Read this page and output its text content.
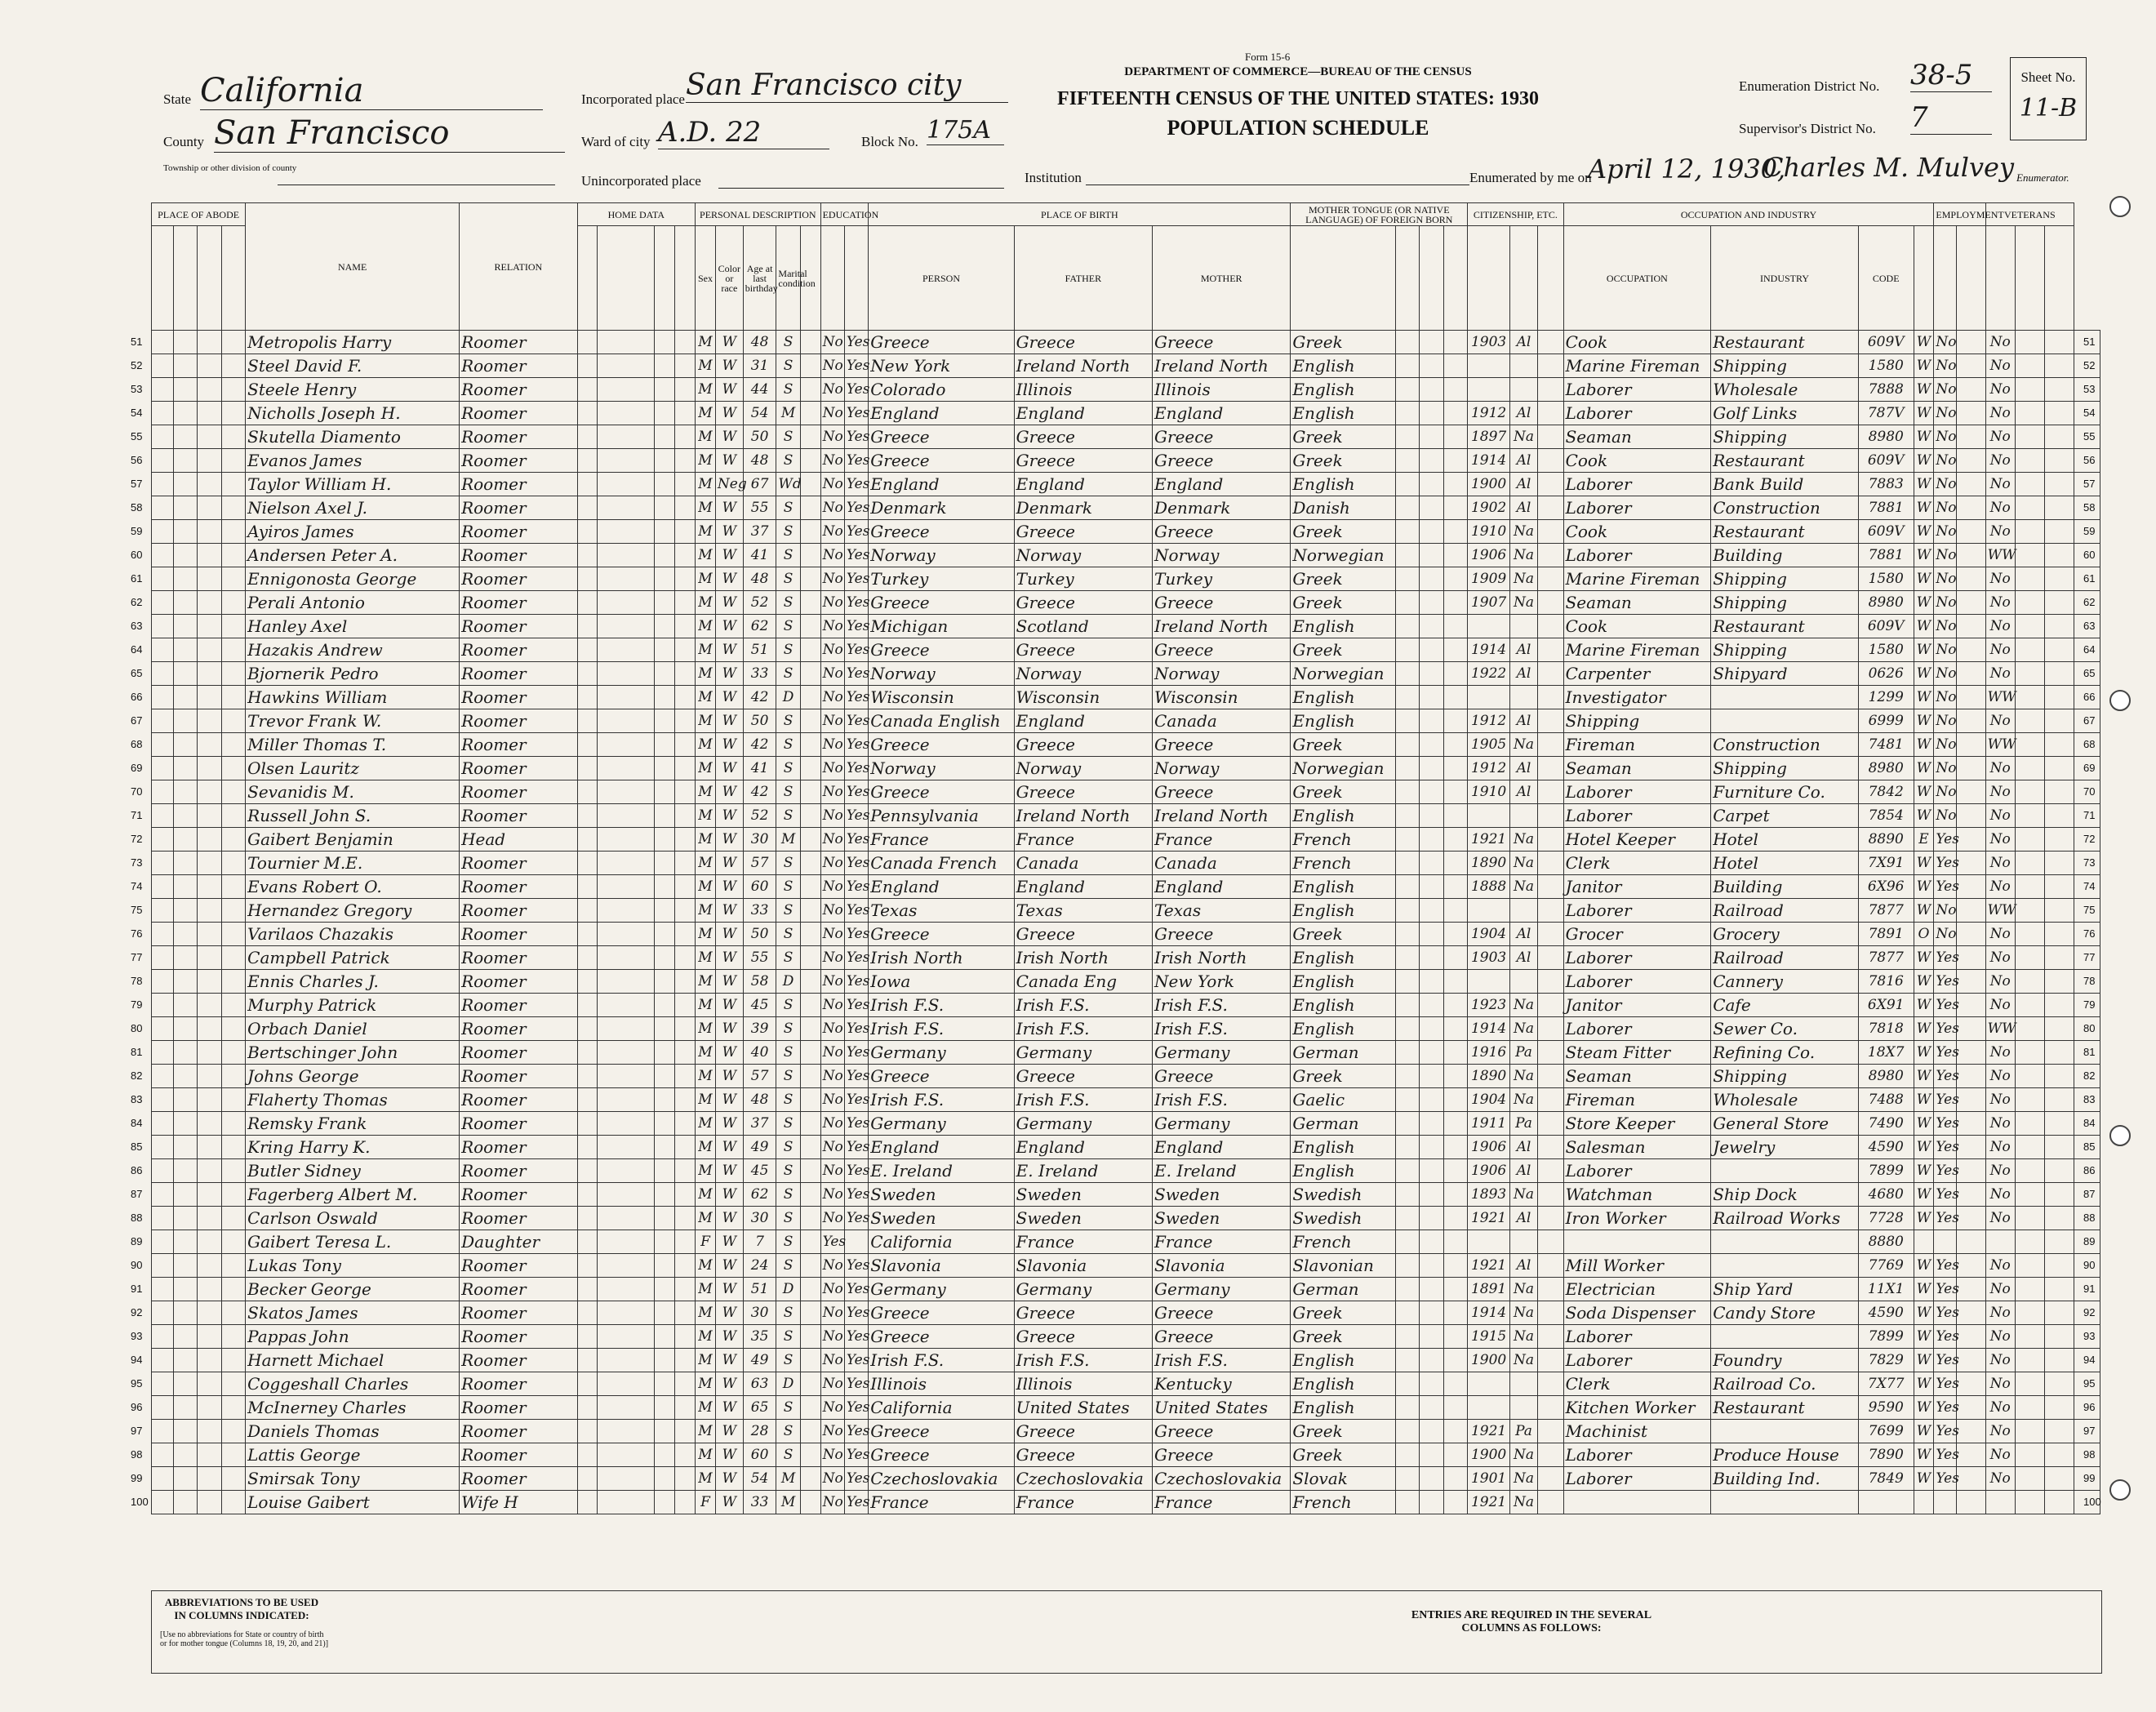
Form 15-6
DEPARTMENT OF COMMERCE—BUREAU OF THE CENSUS
FIFTEENTH CENSUS OF THE UNITED STATES: 1930
POPULATION SCHEDULE
State California
County San Francisco
Township or other division of county
Incorporated place San Francisco city
Ward of city A.D. 22	Block No. 175A
Unincorporated place	Institution
Enumeration District No. 38-5
Supervisor's District No. 7
Sheet No.
11-B
Enumerated by me on
April 12, 1930,
Charles M. Mulvey Enumerator.
PLACE OF ABODE				NAME	RELATION	HOME DATA				PERSONAL DESCRIPTION					EDUCATION		PLACE OF BIRTH			MOTHER TONGUE (OR NATIVE LANGUAGE) OF FOREIGN BORN				CITIZENSHIP, ETC.			OCCUPATION AND INDUSTRY				EMPLOYMENT		VETERANS			
										Sex	Color or race	Age at last birthday	Marital condition				PERSON	FATHER	MOTHER								OCCUPATION	INDUSTRY	CODE							
				Metropolis Harry	Roomer					M	W	48	S		No	Yes	Greece	Greece	Greece	Greek				1903	Al		Cook	Restaurant	609V	W	No		No			
				Steel David F.	Roomer					M	W	31	S		No	Yes	New York	Ireland North	Ireland North	English							Marine Fireman	Shipping	1580	W	No		No			
				Steele Henry	Roomer					M	W	44	S		No	Yes	Colorado	Illinois	Illinois	English							Laborer	Wholesale	7888	W	No		No			
				Nicholls Joseph H.	Roomer					M	W	54	M		No	Yes	England	England	England	English				1912	Al		Laborer	Golf Links	787V	W	No		No			
				Skutella Diamento	Roomer					M	W	50	S		No	Yes	Greece	Greece	Greece	Greek				1897	Na		Seaman	Shipping	8980	W	No		No			
				Evanos James	Roomer					M	W	48	S		No	Yes	Greece	Greece	Greece	Greek				1914	Al		Cook	Restaurant	609V	W	No		No			
				Taylor William H.	Roomer					M	Neg	67	Wd		No	Yes	England	England	England	English				1900	Al		Laborer	Bank Build	7883	W	No		No			
				Nielson Axel J.	Roomer					M	W	55	S		No	Yes	Denmark	Denmark	Denmark	Danish				1902	Al		Laborer	Construction	7881	W	No		No			
				Ayiros James	Roomer					M	W	37	S		No	Yes	Greece	Greece	Greece	Greek				1910	Na		Cook	Restaurant	609V	W	No		No			
				Andersen Peter A.	Roomer					M	W	41	S		No	Yes	Norway	Norway	Norway	Norwegian				1906	Na		Laborer	Building	7881	W	No		WW			
				Ennigonosta George	Roomer					M	W	48	S		No	Yes	Turkey	Turkey	Turkey	Greek				1909	Na		Marine Fireman	Shipping	1580	W	No		No			
				Perali Antonio	Roomer					M	W	52	S		No	Yes	Greece	Greece	Greece	Greek				1907	Na		Seaman	Shipping	8980	W	No		No			
				Hanley Axel	Roomer					M	W	62	S		No	Yes	Michigan	Scotland	Ireland North	English							Cook	Restaurant	609V	W	No		No			
				Hazakis Andrew	Roomer					M	W	51	S		No	Yes	Greece	Greece	Greece	Greek				1914	Al		Marine Fireman	Shipping	1580	W	No		No			
				Bjornerik Pedro	Roomer					M	W	33	S		No	Yes	Norway	Norway	Norway	Norwegian				1922	Al		Carpenter	Shipyard	0626	W	No		No			
				Hawkins William	Roomer					M	W	42	D		No	Yes	Wisconsin	Wisconsin	Wisconsin	English							Investigator		1299	W	No		WW			
				Trevor Frank W.	Roomer					M	W	50	S		No	Yes	Canada English	England	Canada	English				1912	Al		Shipping		6999	W	No		No			
				Miller Thomas T.	Roomer					M	W	42	S		No	Yes	Greece	Greece	Greece	Greek				1905	Na		Fireman	Construction	7481	W	No		WW			
				Olsen Lauritz	Roomer					M	W	41	S		No	Yes	Norway	Norway	Norway	Norwegian				1912	Al		Seaman	Shipping	8980	W	No		No			
				Sevanidis M.	Roomer					M	W	42	S		No	Yes	Greece	Greece	Greece	Greek				1910	Al		Laborer	Furniture Co.	7842	W	No		No			
				Russell John S.	Roomer					M	W	52	S		No	Yes	Pennsylvania	Ireland North	Ireland North	English							Laborer	Carpet	7854	W	No		No			
				Gaibert Benjamin	Head					M	W	30	M		No	Yes	France	France	France	French				1921	Na		Hotel Keeper	Hotel	8890	E	Yes		No			
				Tournier M.E.	Roomer					M	W	57	S		No	Yes	Canada French	Canada	Canada	French				1890	Na		Clerk	Hotel	7X91	W	Yes		No			
				Evans Robert O.	Roomer					M	W	60	S		No	Yes	England	England	England	English				1888	Na		Janitor	Building	6X96	W	Yes		No			
				Hernandez Gregory	Roomer					M	W	33	S		No	Yes	Texas	Texas	Texas	English							Laborer	Railroad	7877	W	No		WW			
				Varilaos Chazakis	Roomer					M	W	50	S		No	Yes	Greece	Greece	Greece	Greek				1904	Al		Grocer	Grocery	7891	O	No		No			
				Campbell Patrick	Roomer					M	W	55	S		No	Yes	Irish North	Irish North	Irish North	English				1903	Al		Laborer	Railroad	7877	W	Yes		No			
				Ennis Charles J.	Roomer					M	W	58	D		No	Yes	Iowa	Canada Eng	New York	English							Laborer	Cannery	7816	W	Yes		No			
				Murphy Patrick	Roomer					M	W	45	S		No	Yes	Irish F.S.	Irish F.S.	Irish F.S.	English				1923	Na		Janitor	Cafe	6X91	W	Yes		No			
				Orbach Daniel	Roomer					M	W	39	S		No	Yes	Irish F.S.	Irish F.S.	Irish F.S.	English				1914	Na		Laborer	Sewer Co.	7818	W	Yes		WW			
				Bertschinger John	Roomer					M	W	40	S		No	Yes	Germany	Germany	Germany	German				1916	Pa		Steam Fitter	Refining Co.	18X7	W	Yes		No			
				Johns George	Roomer					M	W	57	S		No	Yes	Greece	Greece	Greece	Greek				1890	Na		Seaman	Shipping	8980	W	Yes		No			
				Flaherty Thomas	Roomer					M	W	48	S		No	Yes	Irish F.S.	Irish F.S.	Irish F.S.	Gaelic				1904	Na		Fireman	Wholesale	7488	W	Yes		No			
				Remsky Frank	Roomer					M	W	37	S		No	Yes	Germany	Germany	Germany	German				1911	Pa		Store Keeper	General Store	7490	W	Yes		No			
				Kring Harry K.	Roomer					M	W	49	S		No	Yes	England	England	England	English				1906	Al		Salesman	Jewelry	4590	W	Yes		No			
				Butler Sidney	Roomer					M	W	45	S		No	Yes	E. Ireland	E. Ireland	E. Ireland	English				1906	Al		Laborer		7899	W	Yes		No			
				Fagerberg Albert M.	Roomer					M	W	62	S		No	Yes	Sweden	Sweden	Sweden	Swedish				1893	Na		Watchman	Ship Dock	4680	W	Yes		No			
				Carlson Oswald	Roomer					M	W	30	S		No	Yes	Sweden	Sweden	Sweden	Swedish				1921	Al		Iron Worker	Railroad Works	7728	W	Yes		No			
				Gaibert Teresa L.	Daughter					F	W	7	S		Yes		California	France	France	French									8880							
				Lukas Tony	Roomer					M	W	24	S		No	Yes	Slavonia	Slavonia	Slavonia	Slavonian				1921	Al		Mill Worker		7769	W	Yes		No			
				Becker George	Roomer					M	W	51	D		No	Yes	Germany	Germany	Germany	German				1891	Na		Electrician	Ship Yard	11X1	W	Yes		No			
				Skatos James	Roomer					M	W	30	S		No	Yes	Greece	Greece	Greece	Greek				1914	Na		Soda Dispenser	Candy Store	4590	W	Yes		No			
				Pappas John	Roomer					M	W	35	S		No	Yes	Greece	Greece	Greece	Greek				1915	Na		Laborer		7899	W	Yes		No			
				Harnett Michael	Roomer					M	W	49	S		No	Yes	Irish F.S.	Irish F.S.	Irish F.S.	English				1900	Na		Laborer	Foundry	7829	W	Yes		No			
				Coggeshall Charles	Roomer					M	W	63	D		No	Yes	Illinois	Illinois	Kentucky	English							Clerk	Railroad Co.	7X77	W	Yes		No			
				McInerney Charles	Roomer					M	W	65	S		No	Yes	California	United States	United States	English							Kitchen Worker	Restaurant	9590	W	Yes		No			
				Daniels Thomas	Roomer					M	W	28	S		No	Yes	Greece	Greece	Greece	Greek				1921	Pa		Machinist		7699	W	Yes		No			
				Lattis George	Roomer					M	W	60	S		No	Yes	Greece	Greece	Greece	Greek				1900	Na		Laborer	Produce House	7890	W	Yes		No			
				Smirsak Tony	Roomer					M	W	54	M		No	Yes	Czechoslovakia	Czechoslovakia	Czechoslovakia	Slovak				1901	Na		Laborer	Building Ind.	7849	W	Yes		No			
				Louise Gaibert	Wife H					F	W	33	M		No	Yes	France	France	France	French				1921	Na											
ABBREVIATIONS TO BE USED IN COLUMNS INDICATED:
[Use no abbreviations for State or country of birth or for mother tongue (Columns 18, 19, 20, and 21)]
ENTRIES ARE REQUIRED IN THE SEVERAL COLUMNS AS FOLLOWS:
51	51
52	52
53	53
54	54
55	55
56	56
57	57
58	58
59	59
60	60
61	61
62	62
63	63
64	64
65	65
66	66
67	67
68	68
69	69
70	70
71	71
72	72
73	73
74	74
75	75
76	76
77	77
78	78
79	79
80	80
81	81
82	82
83	83
84	84
85	85
86	86
87	87
88	88
89	89
90	90
91	91
92	92
93	93
94	94
95	95
96	96
97	97
98	98
99	99
100	100
